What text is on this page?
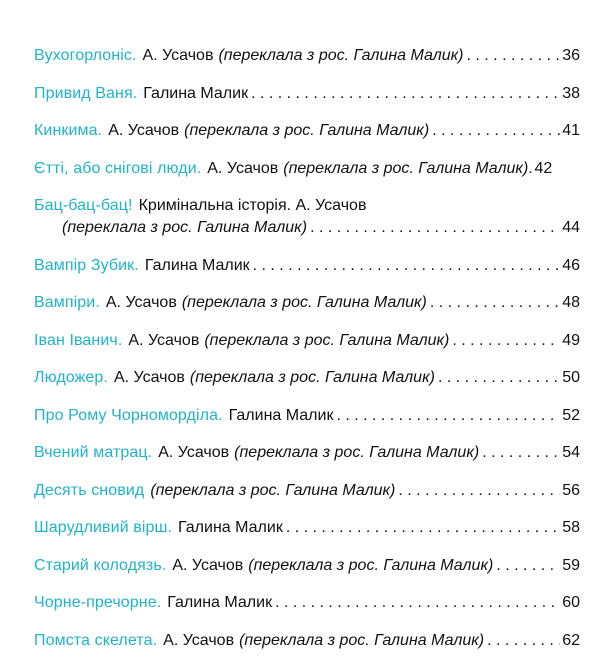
Вухогорлоніс. А. Усачов (переклала з рос. Галина Малик) . . .	36
Привид Ваня. Галина Малик . . .	38
Кинкима. А. Усачов (переклала з рос. Галина Малик) . . .	41
Єтті, або снігові люди. А. Усачов (переклала з рос. Галина Малик) . . . 42
Бац-бац-бац! Кримінальна історія. А. Усачов
(переклала з рос. Галина Малик) . . .	44
Вампір Зубик. Галина Малик . . .	46
Вампіри. А. Усачов (переклала з рос. Галина Малик) . . .	48
Іван Іванич. А. Усачов (переклала з рос. Галина Малик) . . .	49
Людожер. А. Усачов (переклала з рос. Галина Малик) . . .	50
Про Рому Чорноморділа. Галина Малик . . .	52
Вчений матрац. А. Усачов (переклала з рос. Галина Малик) . . .	54
Десять сновид (переклала з рос. Галина Малик) . . .	56
Шарудливий вірш. Галина Малик . . .	58
Старий колодязь. А. Усачов (переклала з рос. Галина Малик) . . .	59
Чорне-пречорне. Галина Малик . . .	60
Помста скелета. А. Усачов (переклала з рос. Галина Малик) . . .	62
